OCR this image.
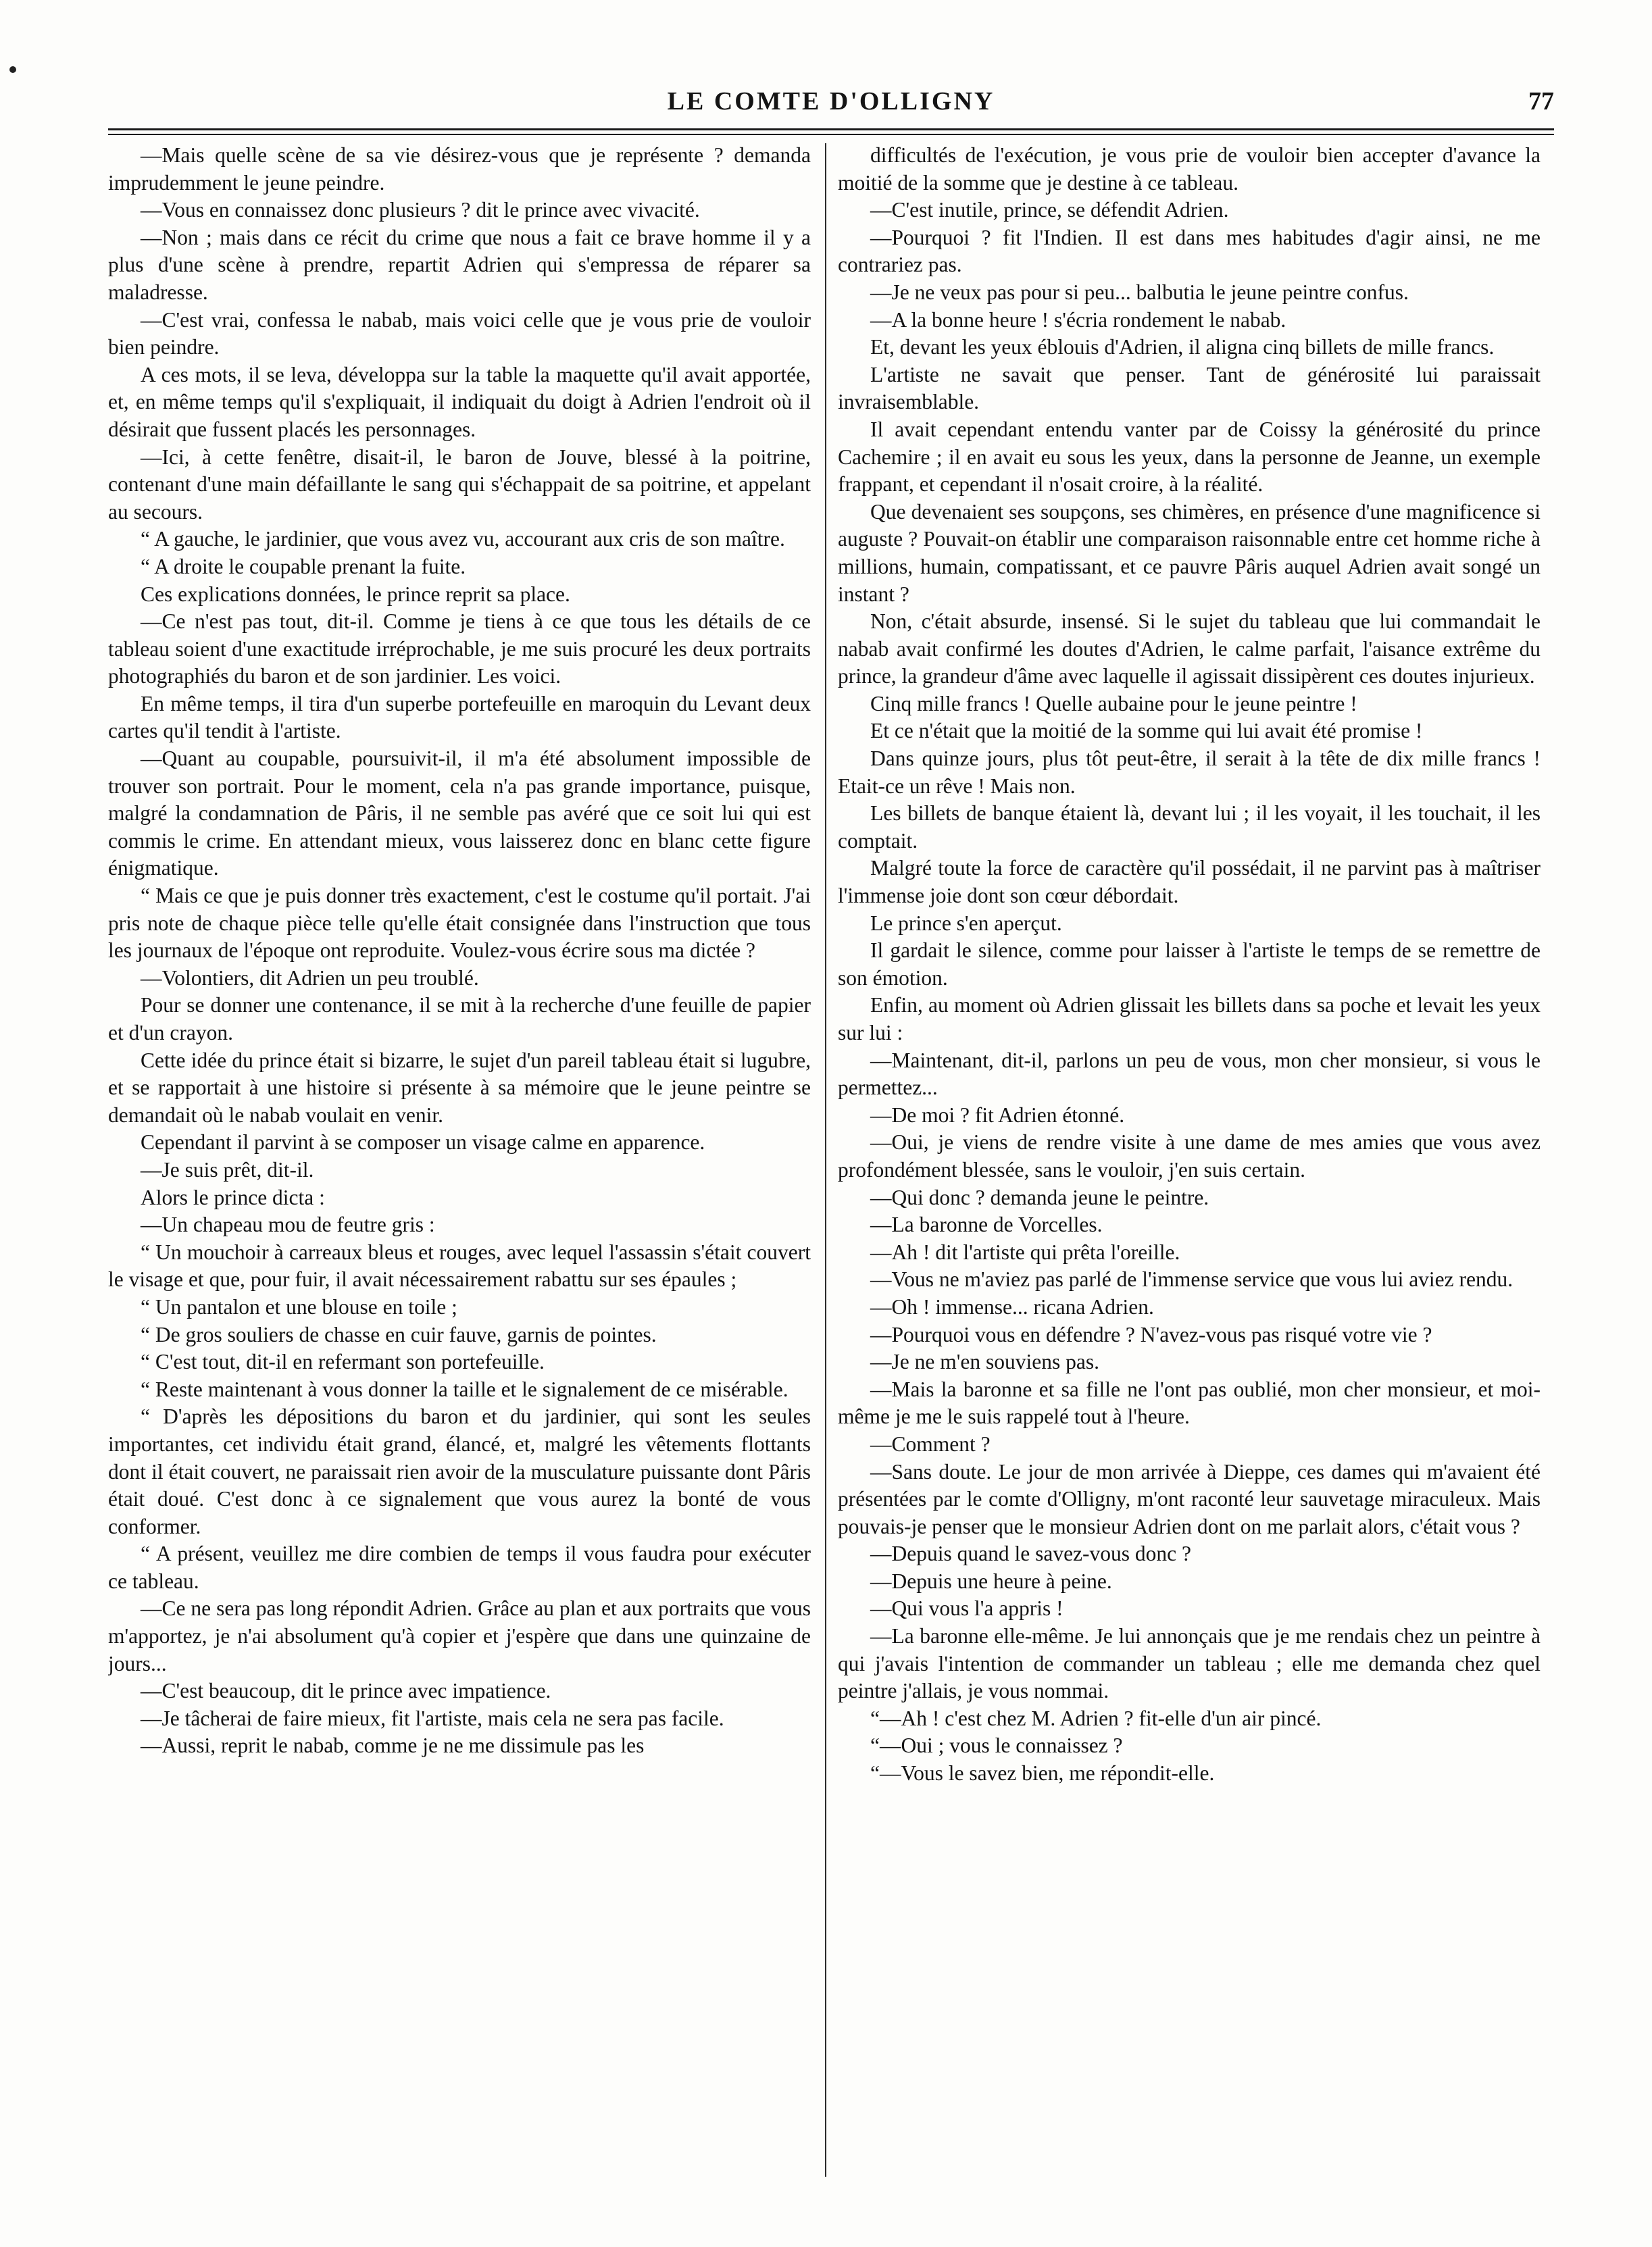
LE COMTE D'OLLIGNY	77

—Mais quelle scène de sa vie désirez-vous que je représente ? demanda imprudemment le jeune peindre.

—Vous en connaissez donc plusieurs ? dit le prince avec vivacité.

—Non ; mais dans ce récit du crime que nous a fait ce brave homme il y a plus d'une scène à prendre, repartit Adrien qui s'empressa de réparer sa maladresse.

—C'est vrai, confessa le nabab, mais voici celle que je vous prie de vouloir bien peindre.

A ces mots, il se leva, développa sur la table la maquette qu'il avait apportée, et, en même temps qu'il s'expliquait, il indiquait du doigt à Adrien l'endroit où il désirait que fussent placés les personnages.

—Ici, à cette fenêtre, disait-il, le baron de Jouve, blessé à la poitrine, contenant d'une main défaillante le sang qui s'échappait de sa poitrine, et appelant au secours.

“ A gauche, le jardinier, que vous avez vu, accourant aux cris de son maître.

“ A droite le coupable prenant la fuite.

Ces explications données, le prince reprit sa place.

—Ce n'est pas tout, dit-il. Comme je tiens à ce que tous les détails de ce tableau soient d'une exactitude irréprochable, je me suis procuré les deux portraits photographiés du baron et de son jardinier. Les voici.

En même temps, il tira d'un superbe portefeuille en maroquin du Levant deux cartes qu'il tendit à l'artiste.

—Quant au coupable, poursuivit-il, il m'a été absolument impossible de trouver son portrait. Pour le moment, cela n'a pas grande importance, puisque, malgré la condamnation de Pâris, il ne semble pas avéré que ce soit lui qui est commis le crime. En attendant mieux, vous laisserez donc en blanc cette figure énigmatique.

“ Mais ce que je puis donner très exactement, c'est le costume qu'il portait. J'ai pris note de chaque pièce telle qu'elle était consignée dans l'instruction que tous les journaux de l'époque ont reproduite. Voulez-vous écrire sous ma dictée ?

—Volontiers, dit Adrien un peu troublé.

Pour se donner une contenance, il se mit à la recherche d'une feuille de papier et d'un crayon.

Cette idée du prince était si bizarre, le sujet d'un pareil tableau était si lugubre, et se rapportait à une histoire si présente à sa mémoire que le jeune peintre se demandait où le nabab voulait en venir.

Cependant il parvint à se composer un visage calme en apparence.

—Je suis prêt, dit-il.

Alors le prince dicta :

—Un chapeau mou de feutre gris :

“ Un mouchoir à carreaux bleus et rouges, avec lequel l'assassin s'était couvert le visage et que, pour fuir, il avait nécessairement rabattu sur ses épaules ;

“ Un pantalon et une blouse en toile ;

“ De gros souliers de chasse en cuir fauve, garnis de pointes.

“ C'est tout, dit-il en refermant son portefeuille.

“ Reste maintenant à vous donner la taille et le signalement de ce misérable.

“ D'après les dépositions du baron et du jardinier, qui sont les seules importantes, cet individu était grand, élancé, et, malgré les vêtements flottants dont il était couvert, ne paraissait rien avoir de la musculature puissante dont Pâris était doué. C'est donc à ce signalement que vous aurez la bonté de vous conformer.

“ A présent, veuillez me dire combien de temps il vous faudra pour exécuter ce tableau.

—Ce ne sera pas long répondit Adrien. Grâce au plan et aux portraits que vous m'apportez, je n'ai absolument qu'à copier et j'espère que dans une quinzaine de jours...

—C'est beaucoup, dit le prince avec impatience.

—Je tâcherai de faire mieux, fit l'artiste, mais cela ne sera pas facile.

—Aussi, reprit le nabab, comme je ne me dissimule pas les

difficultés de l'exécution, je vous prie de vouloir bien accepter d'avance la moitié de la somme que je destine à ce tableau.

—C'est inutile, prince, se défendit Adrien.

—Pourquoi ? fit l'Indien. Il est dans mes habitudes d'agir ainsi, ne me contrariez pas.

—Je ne veux pas pour si peu... balbutia le jeune peintre confus.

—A la bonne heure ! s'écria rondement le nabab.

Et, devant les yeux éblouis d'Adrien, il aligna cinq billets de mille francs.

L'artiste ne savait que penser. Tant de générosité lui paraissait invraisemblable.

Il avait cependant entendu vanter par de Coissy la générosité du prince Cachemire ; il en avait eu sous les yeux, dans la personne de Jeanne, un exemple frappant, et cependant il n'osait croire, à la réalité.

Que devenaient ses soupçons, ses chimères, en présence d'une magnificence si auguste ? Pouvait-on établir une comparaison raisonnable entre cet homme riche à millions, humain, compatissant, et ce pauvre Pâris auquel Adrien avait songé un instant ?

Non, c'était absurde, insensé. Si le sujet du tableau que lui commandait le nabab avait confirmé les doutes d'Adrien, le calme parfait, l'aisance extrême du prince, la grandeur d'âme avec laquelle il agissait dissipèrent ces doutes injurieux.

Cinq mille francs ! Quelle aubaine pour le jeune peintre !

Et ce n'était que la moitié de la somme qui lui avait été promise !

Dans quinze jours, plus tôt peut-être, il serait à la tête de dix mille francs ! Etait-ce un rêve ! Mais non.

Les billets de banque étaient là, devant lui ; il les voyait, il les touchait, il les comptait.

Malgré toute la force de caractère qu'il possédait, il ne parvint pas à maîtriser l'immense joie dont son cœur débordait.

Le prince s'en aperçut.

Il gardait le silence, comme pour laisser à l'artiste le temps de se remettre de son émotion.

Enfin, au moment où Adrien glissait les billets dans sa poche et levait les yeux sur lui :

—Maintenant, dit-il, parlons un peu de vous, mon cher monsieur, si vous le permettez...

—De moi ? fit Adrien étonné.

—Oui, je viens de rendre visite à une dame de mes amies que vous avez profondément blessée, sans le vouloir, j'en suis certain.

—Qui donc ? demanda jeune le peintre.

—La baronne de Vorcelles.

—Ah ! dit l'artiste qui prêta l'oreille.

—Vous ne m'aviez pas parlé de l'immense service que vous lui aviez rendu.

—Oh ! immense... ricana Adrien.

—Pourquoi vous en défendre ? N'avez-vous pas risqué votre vie ?

—Je ne m'en souviens pas.

—Mais la baronne et sa fille ne l'ont pas oublié, mon cher monsieur, et moi-même je me le suis rappelé tout à l'heure.

—Comment ?

—Sans doute. Le jour de mon arrivée à Dieppe, ces dames qui m'avaient été présentées par le comte d'Olligny, m'ont raconté leur sauvetage miraculeux. Mais pouvais-je penser que le monsieur Adrien dont on me parlait alors, c'était vous ?

—Depuis quand le savez-vous donc ?

—Depuis une heure à peine.

—Qui vous l'a appris !

—La baronne elle-même. Je lui annonçais que je me rendais chez un peintre à qui j'avais l'intention de commander un tableau ; elle me demanda chez quel peintre j'allais, je vous nommai.

“—Ah ! c'est chez M. Adrien ? fit-elle d'un air pincé.

“—Oui ; vous le connaissez ?

“—Vous le savez bien, me répondit-elle.
